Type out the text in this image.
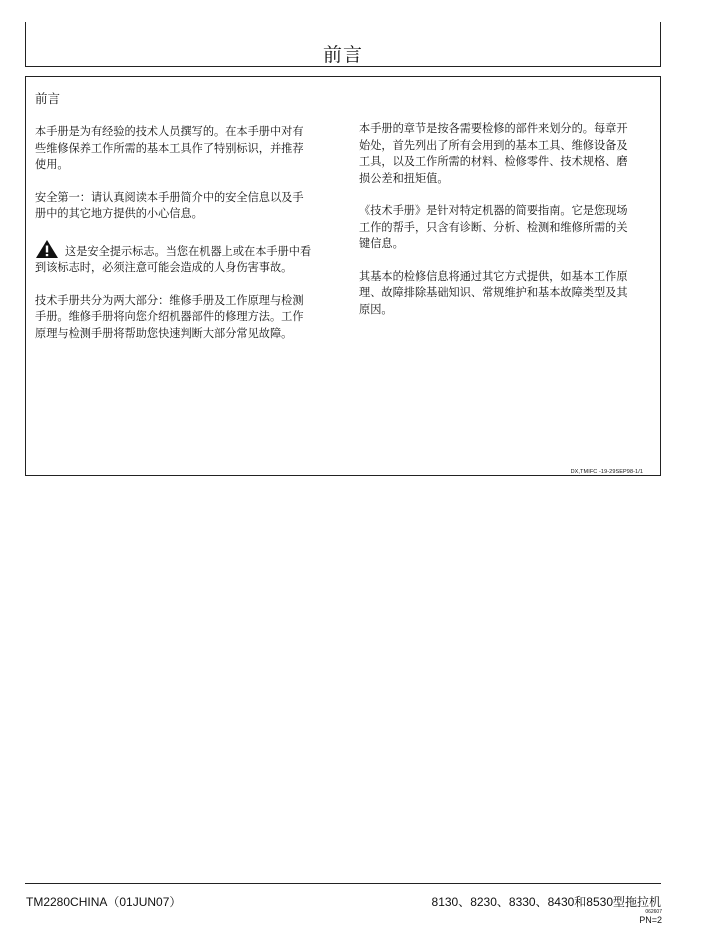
前言
前言

本手册是为有经验的技术人员撰写的。在本手册中对有些维修保养工作所需的基本工具作了特别标识，并推荐使用。

安全第一：请认真阅读本手册简介中的安全信息以及手册中的其它地方提供的小心信息。

这是安全提示标志。当您在机器上或在本手册中看到该标志时，必须注意可能会造成的人身伤害事故。

技术手册共分为两大部分：维修手册及工作原理与检测手册。维修手册将向您介绍机器部件的修理方法。工作原理与检测手册将帮助您快速判断大部分常见故障。

本手册的章节是按各需要检修的部件来划分的。每章开始处，首先列出了所有会用到的基本工具、维修设备及工具，以及工作所需的材料、检修零件、技术规格、磨损公差和扭矩值。

《技术手册》是针对特定机器的简要指南。它是您现场工作的帮手，只含有诊断、分析、检测和维修所需的关键信息。

其基本的检修信息将通过其它方式提供，如基本工作原理、故障排除基础知识、常规维护和基本故障类型及其原因。

DX,TMIFC -19-29SEP98-1/1
TM2280CHINA（01JUN07）	8130、8230、8330、8430和8530型拖拉机
062607
PN=2
